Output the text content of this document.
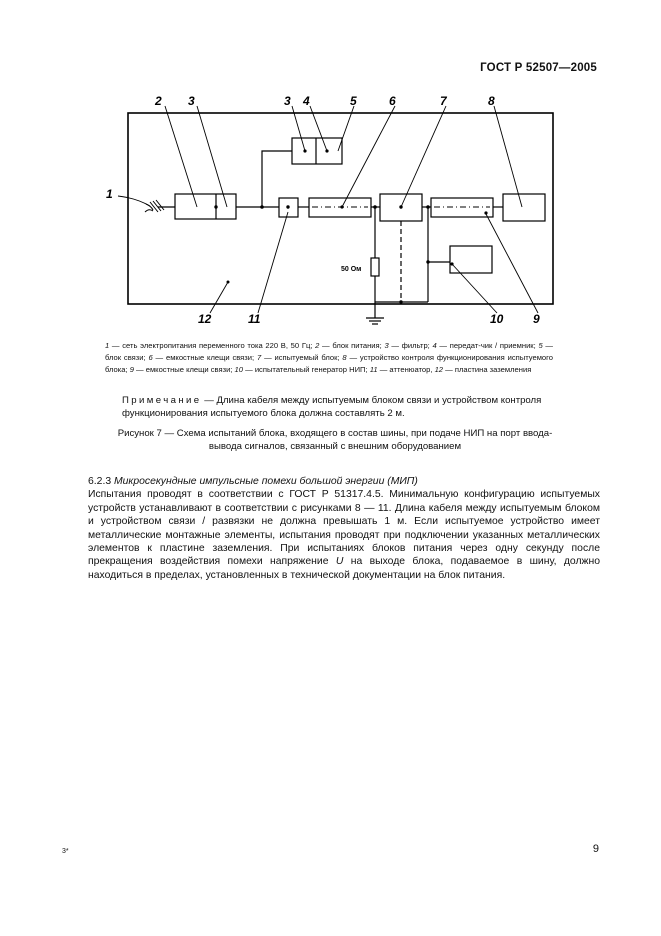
ГОСТ Р 52507—2005
1
2 3	3 4	5	6	7	8
9
10
11
12
50 Ом
1 — сеть электропитания переменного тока 220 В, 50 Гц; 2 — блок питания; 3 — фильтр; 4 — передат-чик / приемник; 5 — блок связи; 6 — емкостные клещи связи; 7 — испытуемый блок; 8 — устройство контроля функционирования испытуемого блока; 9 — емкостные клещи связи; 10 — испытательный генератор НИП; 11 — аттенюатор, 12 — пластина заземления
Примечание — Длина кабеля между испытуемым блоком связи и устройством контроля функционирования испытуемого блока должна составлять 2 м.
Рисунок 7 — Схема испытаний блока, входящего в состав шины, при подаче НИП на порт ввода-вывода сигналов, связанный с внешним оборудованием

6.2.3 Микросекундные импульсные помехи большой энергии (МИП)

Испытания проводят в соответствии с ГОСТ Р 51317.4.5. Минимальную конфигурацию испытуемых устройств устанавливают в соответствии с рисунками 8 — 11. Длина кабеля между испытуемым блоком и устройством связи / развязки не должна превышать 1 м. Если испытуемое устройство имеет металлические монтажные элементы, испытания проводят при подключении указанных металлических элементов к пластине заземления. При испытаниях блоков питания через одну секунду после прекращения воздействия помехи напряжение U на выходе блока, подаваемое в шину, должно находиться в пределах, установленных в технической документации на блок питания.

3*	9
